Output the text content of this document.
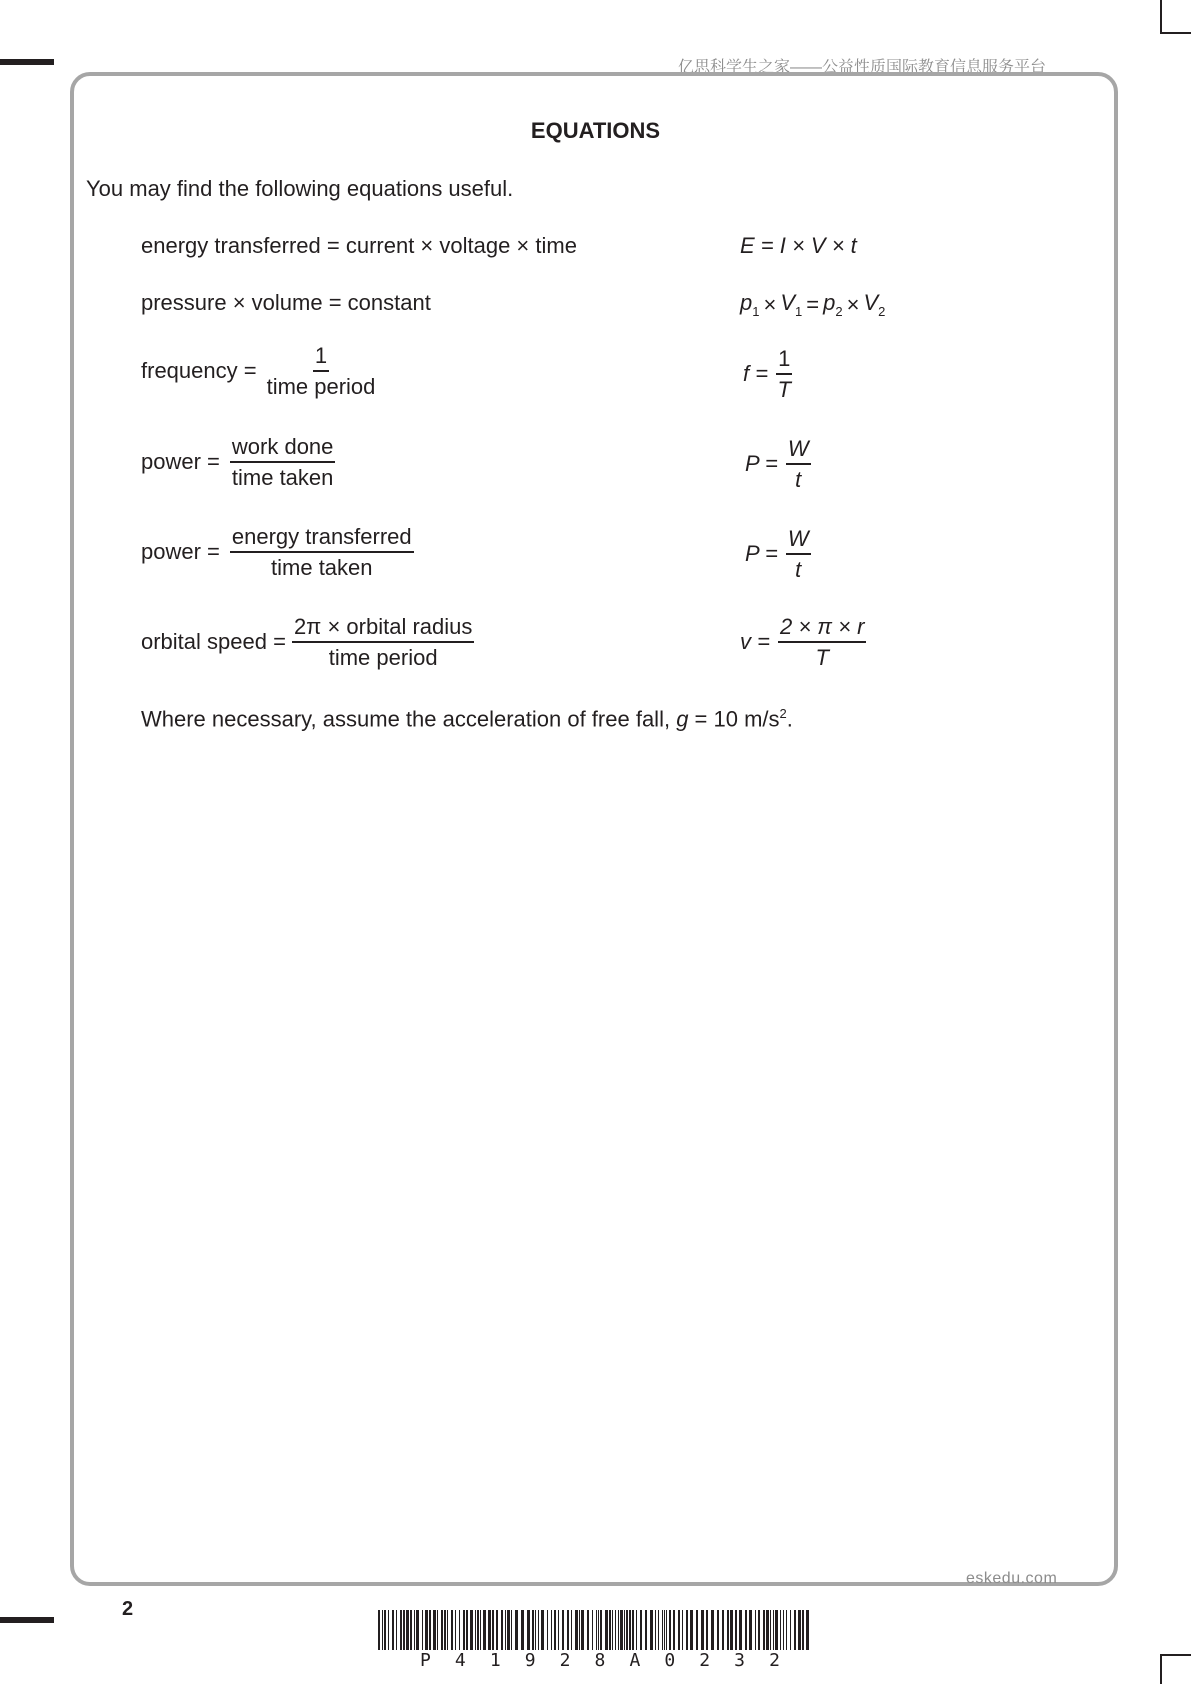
亿思科学生之家——公益性质国际教育信息服务平台
EQUATIONS
You may find the following equations useful.
energy transferred = current × voltage × time	E = I × V × t
pressure × volume = constant	$p_1 \times V_1 = p_2 \times V_2$
frequency = $\frac{1}{\text{time period}}$	$f = \frac{1}{T}$
power = $\frac{\text{work done}}{\text{time taken}}$	$P = \frac{W}{t}$
power = $\frac{\text{energy transferred}}{\text{time taken}}$	$P = \frac{W}{t}$
orbital speed = $\frac{\text{2π × orbital radius}}{\text{time period}}$	$v = \frac{2 \times \pi \times r}{T}$
Where necessary, assume the acceleration of free fall, g = 10 $m/s^2$.
eskedu.com
2
P 4 1 9 2 8 A 0 2 3 2
